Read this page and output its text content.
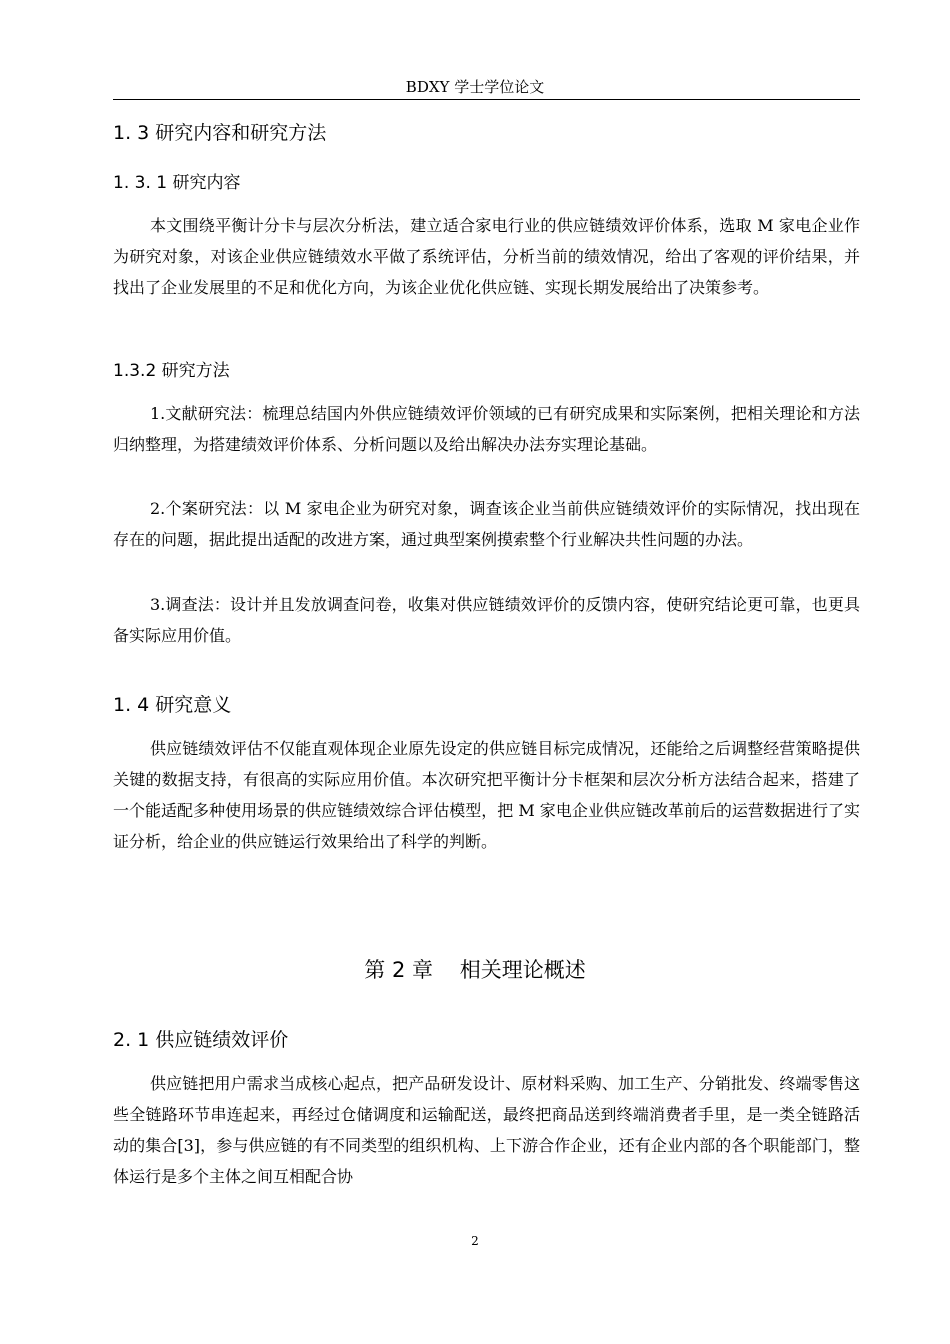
BDXY 学士学位论文
1. 3 研究内容和研究方法
1. 3. 1 研究内容

本文围绕平衡计分卡与层次分析法，建立适合家电行业的供应链绩效评价体系，选取 M 家电企业作为研究对象，对该企业供应链绩效水平做了系统评估，分析当前的绩效情况，给出了客观的评价结果，并找出了企业发展里的不足和优化方向，为该企业优化供应链、实现长期发展给出了决策参考。

1.3.2 研究方法

1.文献研究法：梳理总结国内外供应链绩效评价领域的已有研究成果和实际案例，把相关理论和方法归纳整理，为搭建绩效评价体系、分析问题以及给出解决办法夯实理论基础。

2.个案研究法：以 M 家电企业为研究对象，调查该企业当前供应链绩效评价的实际情况，找出现在存在的问题，据此提出适配的改进方案，通过典型案例摸索整个行业解决共性问题的办法。

3.调查法：设计并且发放调查问卷，收集对供应链绩效评价的反馈内容，使研究结论更可靠，也更具备实际应用价值。

1. 4 研究意义

供应链绩效评估不仅能直观体现企业原先设定的供应链目标完成情况，还能给之后调整经营策略提供关键的数据支持，有很高的实际应用价值。本次研究把平衡计分卡框架和层次分析方法结合起来，搭建了一个能适配多种使用场景的供应链绩效综合评估模型，把 M 家电企业供应链改革前后的运营数据进行了实证分析，给企业的供应链运行效果给出了科学的判断。

第 2 章    相关理论概述
2. 1 供应链绩效评价

供应链把用户需求当成核心起点，把产品研发设计、原材料采购、加工生产、分销批发、终端零售这些全链路环节串连起来，再经过仓储调度和运输配送，最终把商品送到终端消费者手里，是一类全链路活动的集合[3]，参与供应链的有不同类型的组织机构、上下游合作企业，还有企业内部的各个职能部门，整体运行是多个主体之间互相配合协

2
